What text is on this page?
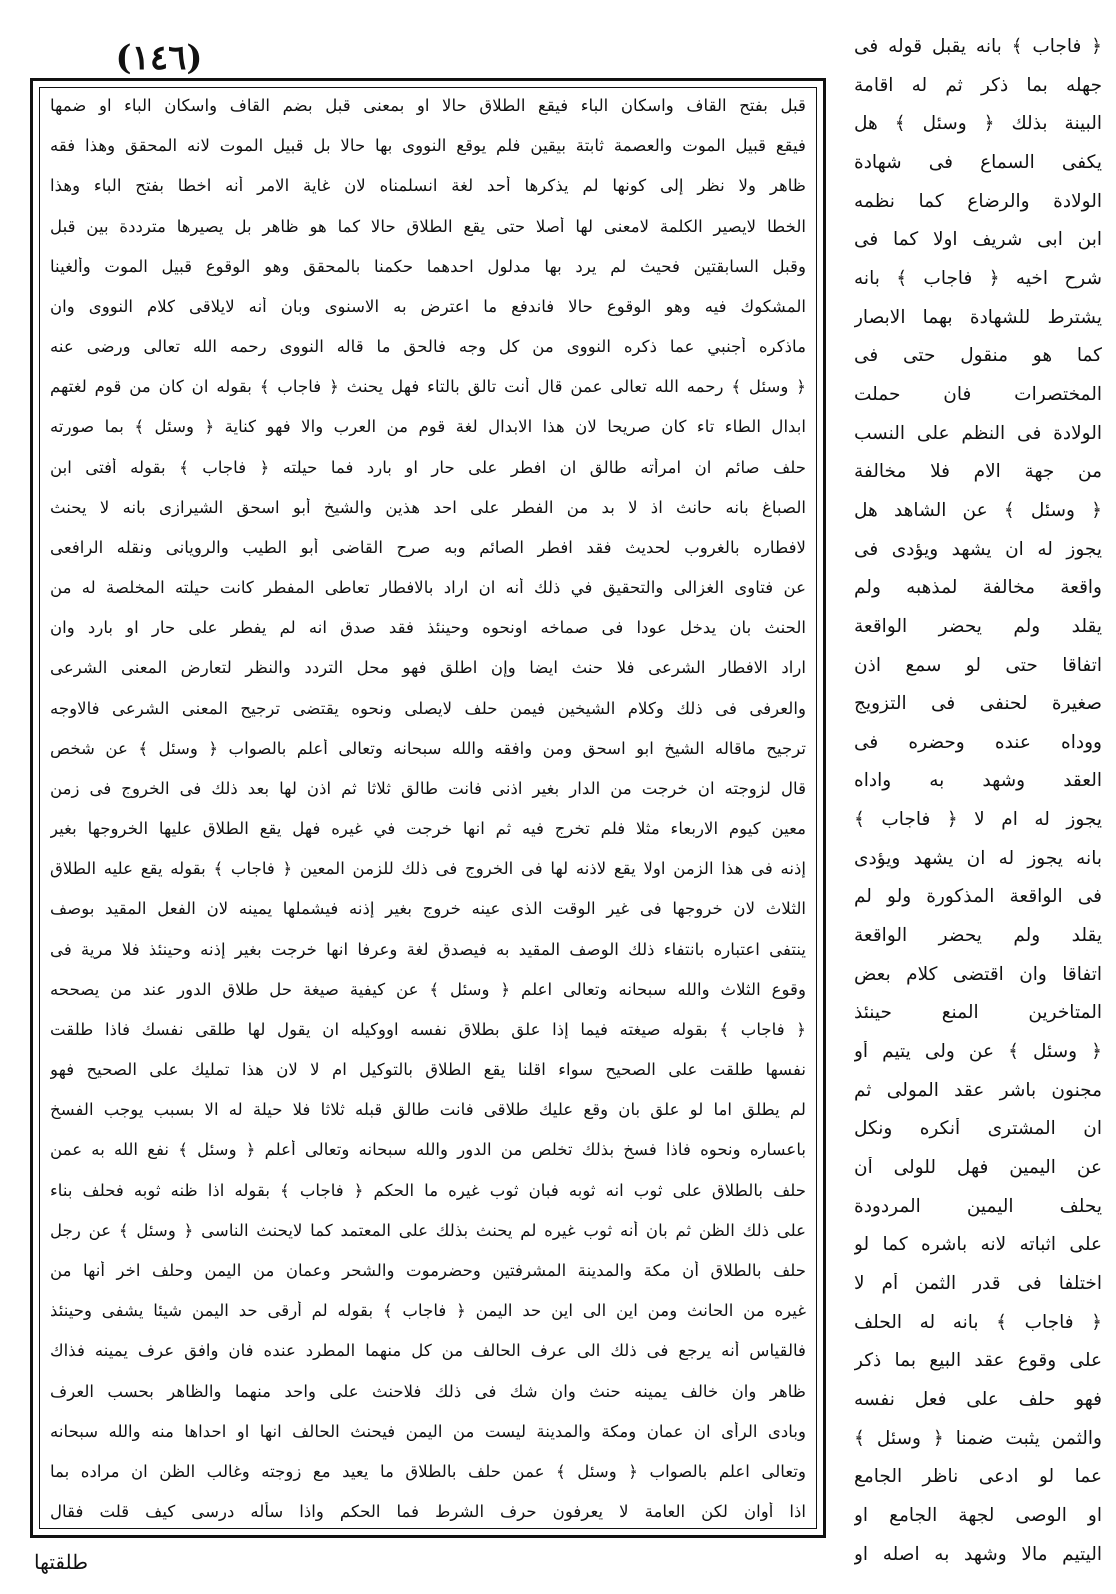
(١٤٦)
قبل بفتح القاف واسكان الباء فيقع الطلاق حالا او بمعنى قبل بضم القاف واسكان الباء او ضمها
فيقع قبيل الموت والعصمة ثابتة بيقين فلم يوقع النووى بها حالا بل قبيل الموت لانه المحقق وهذا فقه
ظاهر ولا نظر إلى كونها لم يذكرها أحد لغة انسلمناه لان غاية الامر أنه اخطا بفتح الباء وهذا
الخطا لايصير الكلمة لامعنى لها أصلا حتى يقع الطلاق حالا كما هو ظاهر بل يصيرها مترددة بين قبل
وقبل السابقتين فحيث لم يرد بها مدلول احدهما حكمنا بالمحقق وهو الوقوع قبيل الموت وألغينا
المشكوك فيه وهو الوقوع حالا فاندفع ما اعترض به الاسنوى وبان أنه لايلاقى كلام النووى وان
ماذكره أجنبي عما ذكره النووى من كل وجه فالحق ما قاله النووى رحمه الله تعالى ورضى عنه
﴿ وسئل ﴾ رحمه الله تعالى عمن قال أنت تالق بالتاء فهل يحنث ﴿ فاجاب ﴾ بقوله ان كان من قوم لغتهم
ابدال الطاء تاء كان صريحا لان هذا الابدال لغة قوم من العرب والا فهو كناية ﴿ وسئل ﴾ بما صورته
حلف صائم ان امرأته طالق ان افطر على حار او بارد فما حيلته ﴿ فاجاب ﴾ بقوله أفتى ابن
الصباغ بانه حانث اذ لا بد من الفطر على احد هذين والشيخ أبو اسحق الشيرازى بانه لا يحنث
لافطاره بالغروب لحديث فقد افطر الصائم وبه صرح القاضى أبو الطيب والرويانى ونقله الرافعى
عن فتاوى الغزالى والتحقيق في ذلك أنه ان اراد بالافطار تعاطى المفطر كانت حيلته المخلصة له من
الحنث بان يدخل عودا فى صماخه اونحوه وحينئذ فقد صدق انه لم يفطر على حار او بارد وان
اراد الافطار الشرعى فلا حنث ايضا وإن اطلق فهو محل التردد والنظر لتعارض المعنى الشرعى
والعرفى فى ذلك وكلام الشيخين فيمن حلف لايصلى ونحوه يقتضى ترجيح المعنى الشرعى فالاوجه
ترجيح ماقاله الشيخ ابو اسحق ومن وافقه والله سبحانه وتعالى أعلم بالصواب ﴿ وسئل ﴾ عن شخص
قال لزوجته ان خرجت من الدار بغير اذنى فانت طالق ثلاثا ثم اذن لها بعد ذلك فى الخروج فى زمن
معين كيوم الاربعاء مثلا فلم تخرج فيه ثم انها خرجت في غيره فهل يقع الطلاق عليها الخروجها بغير
إذنه فى هذا الزمن اولا يقع لاذنه لها فى الخروج فى ذلك للزمن المعين ﴿ فاجاب ﴾ بقوله يقع عليه الطلاق
الثلاث لان خروجها فى غير الوقت الذى عينه خروج بغير إذنه فيشملها يمينه لان الفعل المقيد بوصف
ينتفى اعتباره بانتفاء ذلك الوصف المقيد به فيصدق لغة وعرفا انها خرجت بغير إذنه وحينئذ فلا مرية فى
وقوع الثلاث والله سبحانه وتعالى اعلم ﴿ وسئل ﴾ عن كيفية صيغة حل طلاق الدور عند من يصححه
﴿ فاجاب ﴾ بقوله صيغته فيما إذا علق بطلاق نفسه اووكيله ان يقول لها طلقى نفسك فاذا طلقت
نفسها طلقت على الصحيح سواء اقلنا يقع الطلاق بالتوكيل ام لا لان هذا تمليك على الصحيح فهو
لم يطلق اما لو علق بان وقع عليك طلاقى فانت طالق قبله ثلاثا فلا حيلة له الا بسبب يوجب الفسخ
باعساره ونحوه فاذا فسخ بذلك تخلص من الدور والله سبحانه وتعالى أعلم ﴿ وسئل ﴾ نفع الله به عمن
حلف بالطلاق على ثوب انه ثوبه فبان ثوب غيره ما الحكم ﴿ فاجاب ﴾ بقوله اذا ظنه ثوبه فحلف بناء
على ذلك الظن ثم بان أنه ثوب غيره لم يحنث بذلك على المعتمد كما لايحنث الناسى ﴿ وسئل ﴾ عن رجل
حلف بالطلاق أن مكة والمدينة المشرفتين وحضرموت والشحر وعمان من اليمن وحلف اخر أنها من
غيره من الحانث ومن اين الى اين حد اليمن ﴿ فاجاب ﴾ بقوله لم أرقى حد اليمن شيئا يشفى وحينئذ
فالقياس أنه يرجع فى ذلك الى عرف الحالف من كل منهما المطرد عنده فان وافق عرف يمينه فذاك
ظاهر وان خالف يمينه حنث وان شك فى ذلك فلاحنث على واحد منهما والظاهر بحسب العرف
وبادى الرأى ان عمان ومكة والمدينة ليست من اليمن فيحنث الحالف انها او احداها منه والله سبحانه
وتعالى اعلم بالصواب ﴿ وسئل ﴾ عمن حلف بالطلاق ما يعيد مع زوجته وغالب الظن ان مراده بما
اذا أوان لكن العامة لا يعرفون حرف الشرط فما الحكم واذا سأله درسى كيف قلت فقال
﴿ فاجاب ﴾ بانه يقبل قوله فى
جهله بما ذكر ثم له اقامة
البينة بذلك ﴿ وسئل ﴾ هل
يكفى السماع فى شهادة
الولادة والرضاع كما نظمه
ابن ابى شريف اولا كما فى
شرح اخيه ﴿ فاجاب ﴾ بانه
يشترط للشهادة بهما الابصار
كما هو منقول حتى فى
المختصرات فان حملت
الولادة فى النظم على النسب
من جهة الام فلا مخالفة
﴿ وسئل ﴾ عن الشاهد هل
يجوز له ان يشهد ويؤدى فى
واقعة مخالفة لمذهبه ولم
يقلد ولم يحضر الواقعة
اتفاقا حتى لو سمع اذن
صغيرة لحنفى فى التزويج
ووداه عنده وحضره فى
العقد وشهد به واداه
يجوز له ام لا ﴿ فاجاب ﴾
بانه يجوز له ان يشهد ويؤدى
فى الواقعة المذكورة ولو لم
يقلد ولم يحضر الواقعة
اتفاقا وان اقتضى كلام بعض
المتاخرين المنع حينئذ
﴿ وسئل ﴾ عن ولى يتيم أو
مجنون باشر عقد المولى ثم
ان المشترى أنكره ونكل
عن اليمين فهل للولى أن
يحلف اليمين المردودة
على اثباته لانه باشره كما لو
اختلفا فى قدر الثمن أم لا
﴿ فاجاب ﴾ بانه له الحلف
على وقوع عقد البيع بما ذكر
فهو حلف على فعل نفسه
والثمن يثبت ضمنا ﴿ وسئل ﴾
عما لو ادعى ناظر الجامع
او الوصى لجهة الجامع او
اليتيم مالا وشهد به اصله او
طلقتها
